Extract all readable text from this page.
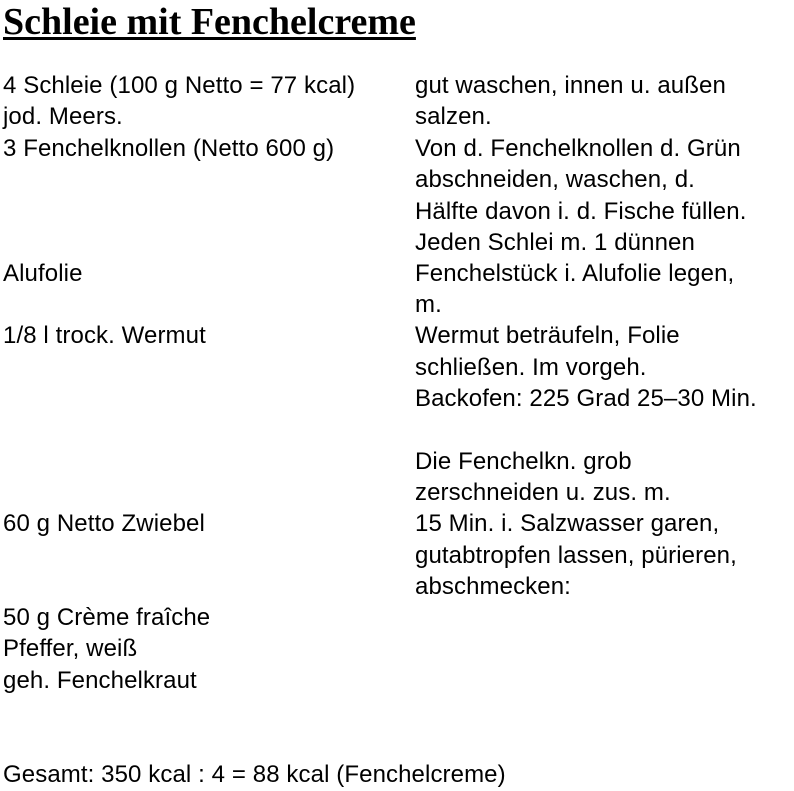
Schleie mit Fenchelcreme
4 Schleie (100 g Netto = 77 kcal)
jod. Meers.
3 Fenchelknollen (Netto 600 g)
Alufolie
1/8 l trock. Wermut
60 g Netto Zwiebel
50 g Crème fraîche
Pfeffer, weiß
geh. Fenchelkraut
gut waschen, innen u. außen
salzen.
Von d. Fenchelknollen d. Grün
abschneiden, waschen, d.
Hälfte davon i. d. Fische füllen.
Jeden Schlei m. 1 dünnen
Fenchelstück i. Alufolie legen,
m.
Wermut beträufeln, Folie
schließen. Im vorgeh.
Backofen: 225 Grad 25–30 Min.
Die Fenchelkn. grob
zerschneiden u. zus. m.
15 Min. i. Salzwasser garen,
gutabtropfen lassen, pürieren,
abschmecken:
Gesamt: 350 kcal : 4 = 88 kcal (Fenchelcreme)
